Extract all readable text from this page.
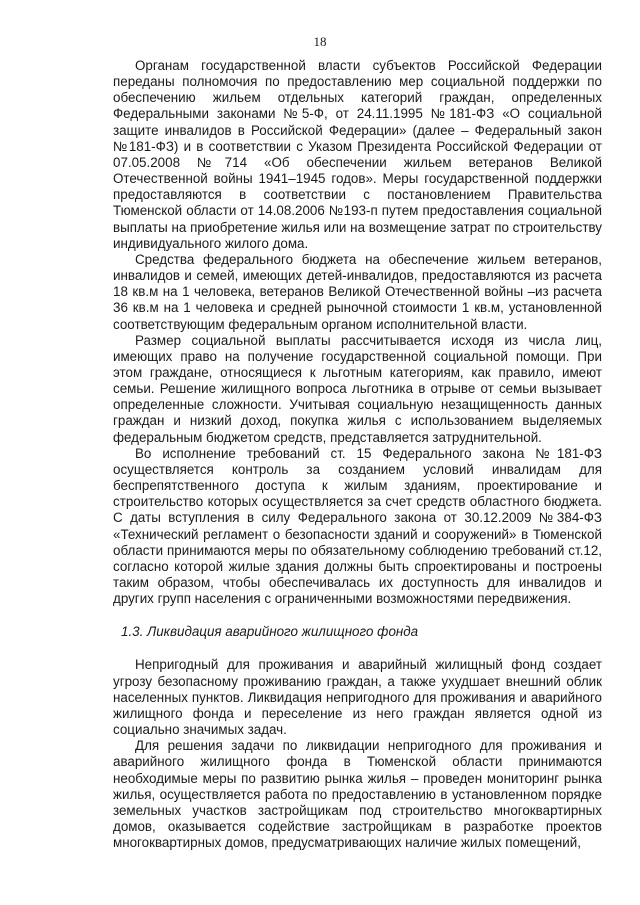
18

Органам государственной власти субъектов Российской Федерации переданы полномочия по предоставлению мер социальной поддержки по обеспечению жильем отдельных категорий граждан, определенных Федеральными законами №5-Ф, от 24.11.1995 №181-ФЗ «О социальной защите инвалидов в Российской Федерации» (далее – Федеральный закон №181-ФЗ) и в соответствии с Указом Президента Российской Федерации от 07.05.2008 №714 «Об обеспечении жильем ветеранов Великой Отечественной войны 1941–1945 годов». Меры государственной поддержки предоставляются в соответствии с постановлением Правительства Тюменской области от 14.08.2006 №193-п путем предоставления социальной выплаты на приобретение жилья или на возмещение затрат по строительству индивидуального жилого дома.

Средства федерального бюджета на обеспечение жильем ветеранов, инвалидов и семей, имеющих детей-инвалидов, предоставляются из расчета 18 кв.м на 1 человека, ветеранов Великой Отечественной войны –из расчета 36 кв.м на 1 человека и средней рыночной стоимости 1 кв.м, установленной соответствующим федеральным органом исполнительной власти.

Размер социальной выплаты рассчитывается исходя из числа лиц, имеющих право на получение государственной социальной помощи. При этом граждане, относящиеся к льготным категориям, как правило, имеют семьи. Решение жилищного вопроса льготника в отрыве от семьи вызывает определенные сложности. Учитывая социальную незащищенность данных граждан и низкий доход, покупка жилья с использованием выделяемых федеральным бюджетом средств, представляется затруднительной.

Во исполнение требований ст. 15 Федерального закона №181-ФЗ осуществляется контроль за созданием условий инвалидам для беспрепятственного доступа к жилым зданиям, проектирование и строительство которых осуществляется за счет средств областного бюджета. С даты вступления в силу Федерального закона от 30.12.2009 №384-ФЗ «Технический регламент о безопасности зданий и сооружений» в Тюменской области принимаются меры по обязательному соблюдению требований ст.12, согласно которой жилые здания должны быть спроектированы и построены таким образом, чтобы обеспечивалась их доступность для инвалидов и других групп населения с ограниченными возможностями передвижения.

1.3. Ликвидация аварийного жилищного фонда

Непригодный для проживания и аварийный жилищный фонд создает угрозу безопасному проживанию граждан, а также ухудшает внешний облик населенных пунктов. Ликвидация непригодного для проживания и аварийного жилищного фонда и переселение из него граждан является одной из социально значимых задач.

Для решения задачи по ликвидации непригодного для проживания и аварийного жилищного фонда в Тюменской области принимаются необходимые меры по развитию рынка жилья – проведен мониторинг рынка жилья, осуществляется работа по предоставлению в установленном порядке земельных участков застройщикам под строительство многоквартирных домов, оказывается содействие застройщикам в разработке проектов многоквартирных домов, предусматривающих наличие жилых помещений,
